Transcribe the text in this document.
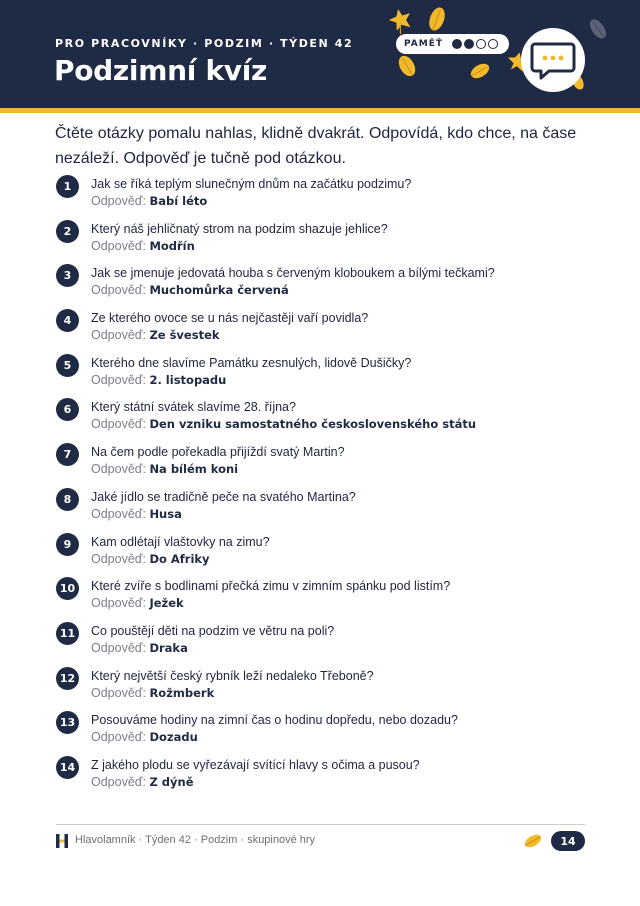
PRO PRACOVNÍKY · PODZIM · TÝDEN 42
Podzimní kvíz
PAMĚŤ

Čtěte otázky pomalu nahlas, klidně dvakrát. Odpovídá, kdo chce, na čase nezáleží. Odpověď je tučně pod otázkou.

1	Jak se říká teplým slunečným dnům na začátku podzimu?
Odpověď: Babí léto
2	Který náš jehličnatý strom na podzim shazuje jehlice?
Odpověď: Modřín
3	Jak se jmenuje jedovatá houba s červeným kloboukem a bílými tečkami?
Odpověď: Muchomůrka červená
4	Ze kterého ovoce se u nás nejčastěji vaří povidla?
Odpověď: Ze švestek
5	Kterého dne slavíme Památku zesnulých, lidově Dušičky?
Odpověď: 2. listopadu
6	Který státní svátek slavíme 28. října?
Odpověď: Den vzniku samostatného československého státu
7	Na čem podle pořekadla přijíždí svatý Martin?
Odpověď: Na bílém koni
8	Jaké jídlo se tradičně peče na svatého Martina?
Odpověď: Husa
9	Kam odlétají vlaštovky na zimu?
Odpověď: Do Afriky
10	Které zvíře s bodlinami přečká zimu v zimním spánku pod listím?
Odpověď: Ježek
11	Co pouštějí děti na podzim ve větru na poli?
Odpověď: Draka
12	Který největší český rybník leží nedaleko Třeboně?
Odpověď: Rožmberk
13	Posouváme hodiny na zimní čas o hodinu dopředu, nebo dozadu?
Odpověď: Dozadu
14	Z jakého plodu se vyřezávají svítící hlavy s očima a pusou?
Odpověď: Z dýně
Hlavolamník · Týden 42 · Podzim · skupinové hry	14
